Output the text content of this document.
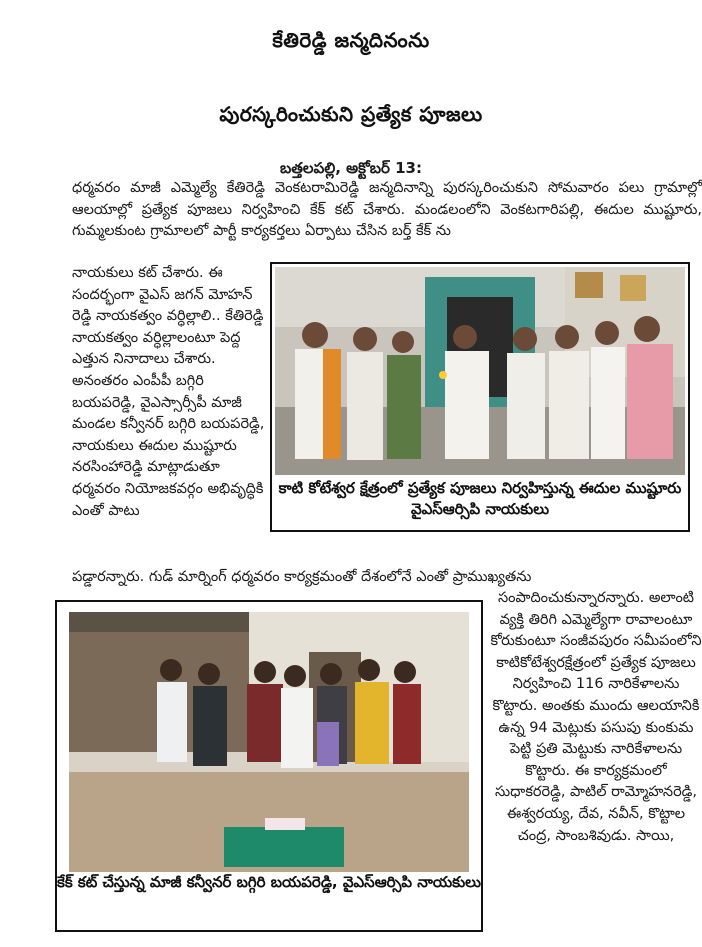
కేతిరెడ్డి జన్మదినంను
పురస్కరించుకుని ప్రత్యేక పూజలు
బత్తలపల్లి, అక్టోబర్ 13:

ధర్మవరం మాజీ ఎమ్మెల్యే కేతిరెడ్డి వెంకటరామిరెడ్డి జన్మదినాన్ని పురస్కరించుకుని సోమవారం పలు గ్రామాల్లో ఆలయాల్లో ప్రత్యేక పూజలు నిర్వహించి కేక్ కట్ చేశారు. మండలంలోని వెంకటగారిపల్లి, ఈదుల ముష్టూరు, గుమ్మలకుంట గ్రామాలలో పార్టీ కార్యకర్తలు ఏర్పాటు చేసిన బర్త్ కేక్ ను

నాయకులు కట్ చేశారు. ఈ సందర్భంగా వైఎస్ జగన్ మోహన్ రెడ్డి నాయకత్వం వర్ధిల్లాలి.. కేతిరెడ్డి నాయకత్వం వర్ధిల్లాలంటూ పెద్ద ఎత్తున నినాదాలు చేశారు. అనంతరం ఎంపీపీ బగ్గిరి బయపరెడ్డి, వైఎస్సార్సీపీ మాజీ మండల కన్వీనర్ బగ్గిరి బయపరెడ్డి, నాయకులు ఈదుల ముష్టూరు నరసింహారెడ్డి మాట్లాడుతూ ధర్మవరం నియోజకవర్గం అభివృద్ధికి ఎంతో పాటు

కాటి కోటేశ్వర క్షేత్రంలో ప్రత్యేక పూజలు నిర్వహిస్తున్న ఈదుల ముష్టూరు వైఎస్ఆర్సిపి నాయకులు

పడ్డారన్నారు. గుడ్ మార్నింగ్ ధర్మవరం కార్యక్రమంతో దేశంలోనే ఎంతో ప్రాముఖ్యతను

కేక్ కట్ చేస్తున్న మాజీ కన్వీనర్ బగ్గిరి బయపరెడ్డి, వైఎస్ఆర్సిపి నాయకులు

సంపాదించుకున్నారన్నారు. అలాంటి వ్యక్తి తిరిగి ఎమ్మెల్యేగా రావాలంటూ కోరుకుంటూ సంజీవపురం సమీపంలోని కాటికోటేశ్వరక్షేత్రంలో ప్రత్యేక పూజలు నిర్వహించి 116 నారికేళాలను కొట్టారు. అంతకు ముందు ఆలయానికి ఉన్న 94 మెట్లుకు పసుపు కుంకుమ పెట్టి ప్రతి మెట్టుకు నారికేళాలను కొట్టారు. ఈ కార్యక్రమంలో సుధాకరరెడ్డి, పాటిల్ రామ్మోహనరెడ్డి, ఈశ్వరయ్య, దేవ, నవీన్, కొట్టాల చంద్ర, సాంబశివుడు. సాయి,
